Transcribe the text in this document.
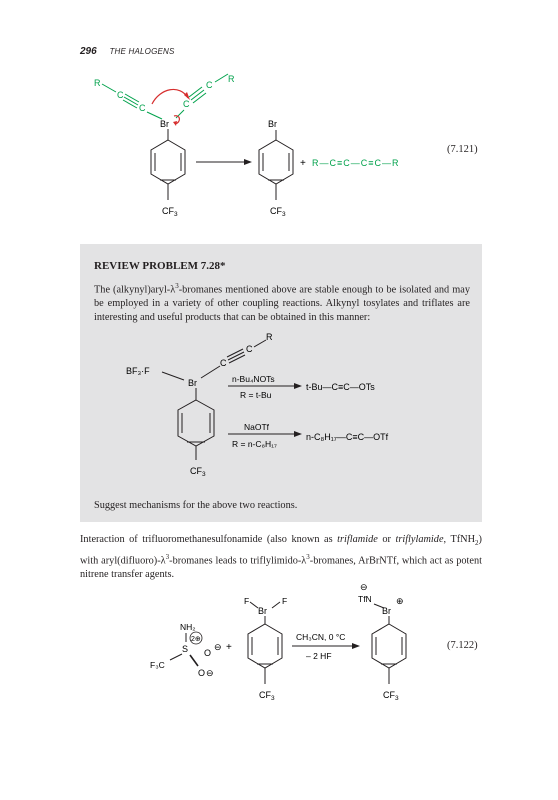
296 THE HALOGENS
R
C
C	C
C
R
Br
$CF_3$
Br
$CF_3$
+ R—C≡C—C≡C—R
(7.121)
REVIEW PROBLEM 7.28*
The $(alkynyl)aryl-\lambda^3$-bromanes mentioned above are stable enough to be isolated and may be employed in a variety of other coupling reactions. Alkynyl tosylates and triflates are interesting and useful products that can be obtained in this manner:
BF₃·F
Br
C
C
R
$CF_3$
n-Bu₄NOTs
R = t-Bu
t-Bu—C≡C—OTs
NaOTf
R = n-C₈H₁₇
n-C₈H₁₇—C≡C—OTf
Suggest mechanisms for the above two reactions.
Interaction of trifluoromethanesulfonamide (also known as triflamide or triflylamide, TfNH$_2$) with $aryl(difluoro)-\lambda^3$-bromanes leads to triflylimido-$\lambda^3$-bromanes, ArBrNTf, which act as potent nitrene transfer agents.
NH₂
2⊕
S O
⊖
O ⊖
F₃C
+
F	F
Br
$CF_3$
CH₃CN, 0 °C
– 2 HF
⊖
TfN
Br
⊕
$CF_3$
(7.122)
